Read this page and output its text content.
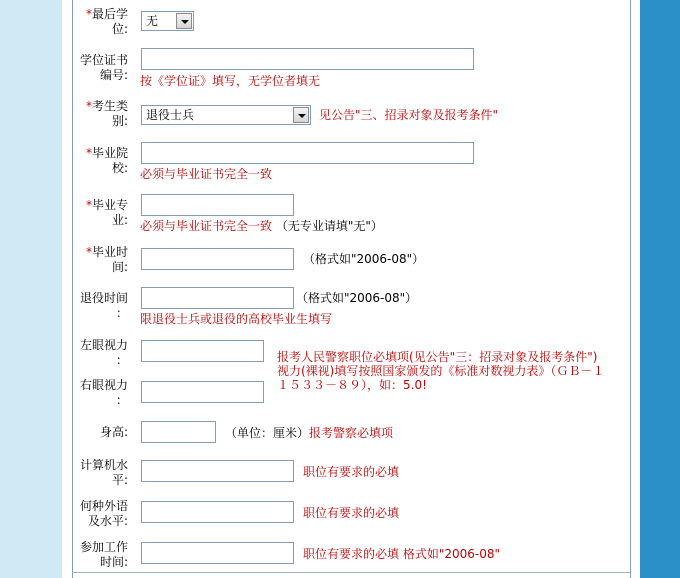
*最后学
位:
无
学位证书
编号: 按《学位证》填写，无学位者填无
*考生类
别: 退役士兵	见公告"三、招录对象及报考条件"
*毕业院
校: 必须与毕业证书完全一致
*毕业专
业: 必须与毕业证书完全一致 （无专业请填"无"）
*毕业时
间:
（格式如"2006-08"）
退役时间
：
（格式如"2006-08"）
限退役士兵或退役的高校毕业生填写
左眼视力
：
右眼视力
：
报考人民警察职位必填项(见公告"三：招录对象及报考条件")
视力(裸视)填写按照国家颁发的《标准对数视力表》（ＧＢ－１
１５３３－８９），如：5.0!
身高:	（单位：厘米）报考警察必填项
计算机水
平:
职位有要求的必填
何种外语
及水平:
职位有要求的必填
参加工作
时间:
职位有要求的必填 格式如"2006-08"
